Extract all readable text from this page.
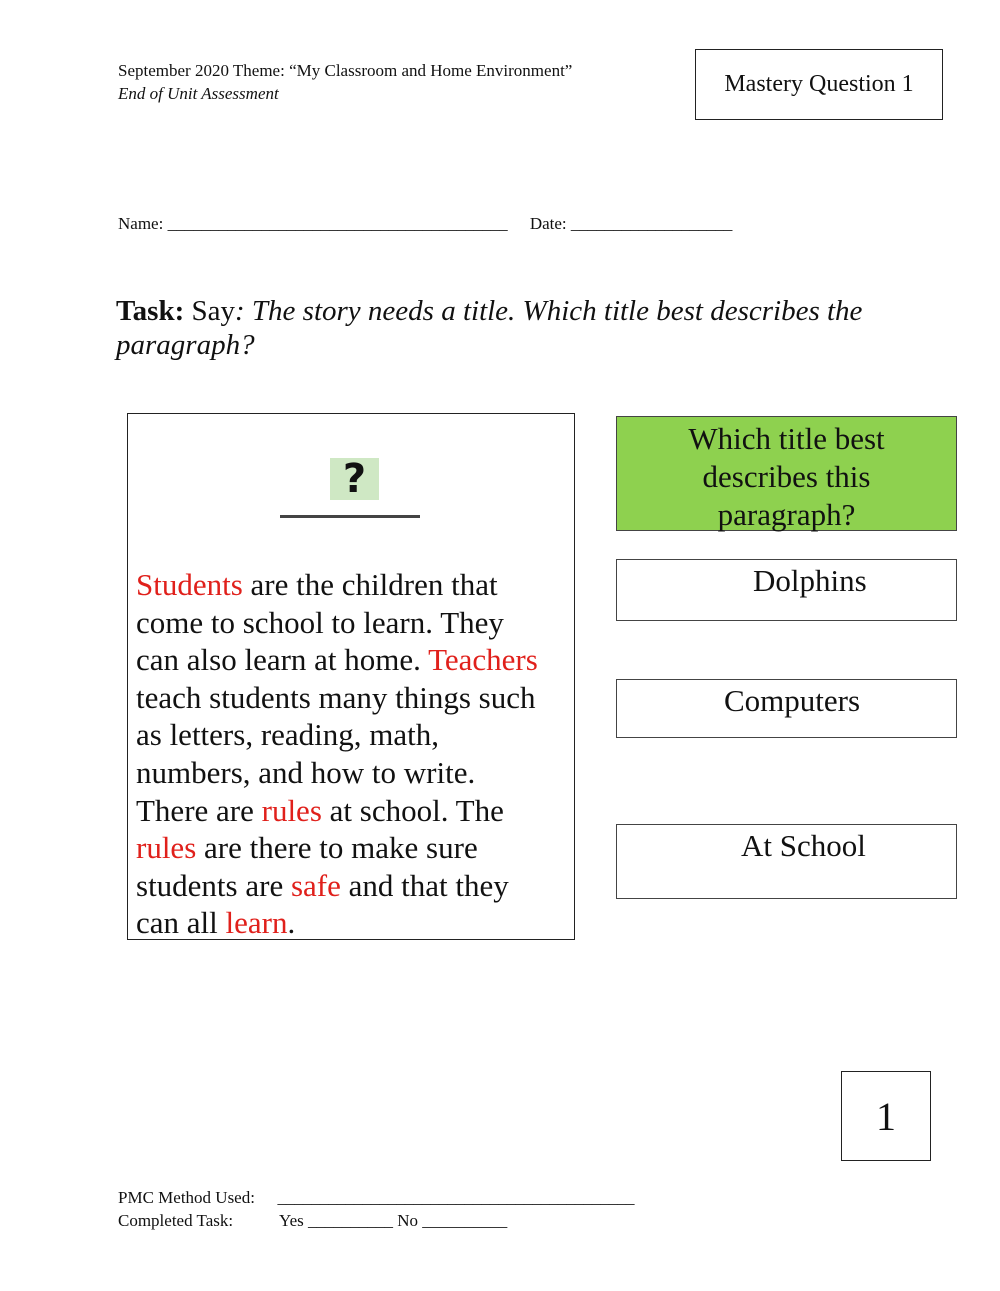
September 2020 Theme: “My Classroom and Home Environment”
End of Unit Assessment	Mastery Question 1
Name: ________________________________________ Date: ___________________
Task: Say: The story needs a title. Which title best describes the paragraph?
?
Students are the children that
come to school to learn. They
can also learn at home. Teachers
teach students many things such
as letters, reading, math,
numbers, and how to write.
There are rules at school. The
rules are there to make sure
students are safe and that they
can all learn.
Which title best
describes this
paragraph?
Dolphins
Computers
At School
1
PMC Method Used: __________________________________________
Completed Task:	Yes __________ No __________
